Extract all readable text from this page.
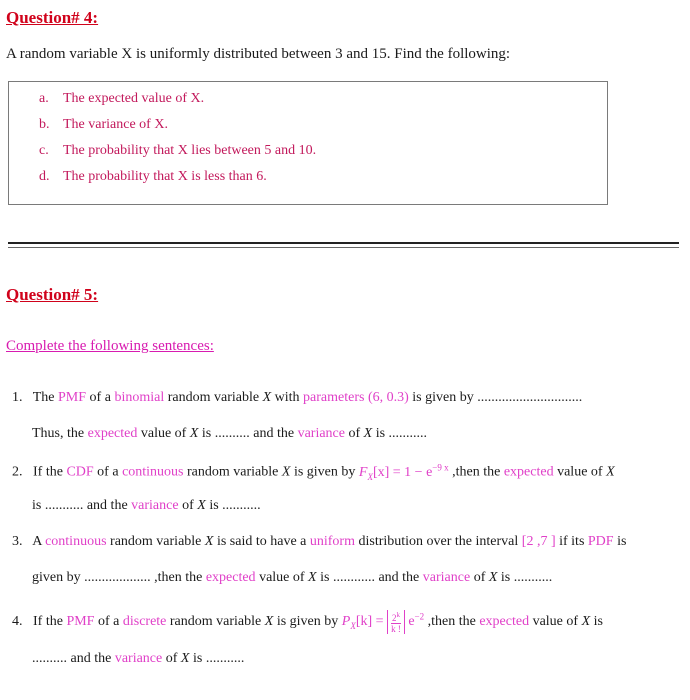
Question# 4:
A random variable X is uniformly distributed between 3 and 15. Find the following:
a. The expected value of X.
b. The variance of X.
c. The probability that X lies between 5 and 10.
d. The probability that X is less than 6.
Question# 5:
Complete the following sentences:
1. The PMF of a binomial random variable X with parameters (6, 0.3) is given by ..............................
Thus, the expected value of X is .......... and the variance of X is ...........
2. If the CDF of a continuous random variable X is given by $F_X[x] = 1 - e^{-9 x}$ ,then the expected value of X
is ........... and the variance of X is ...........
3. A continuous random variable X is said to have a uniform distribution over the interval [2 ,7 ] if its PDF is
given by ................... ,then the expected value of X is ............ and the variance of X is ...........
4. If the PMF of a discrete random variable X is given by $P_X[k] = \frac{2^k}{k !} e^{-2}$ ,then the expected value of X is
.......... and the variance of X is ...........
